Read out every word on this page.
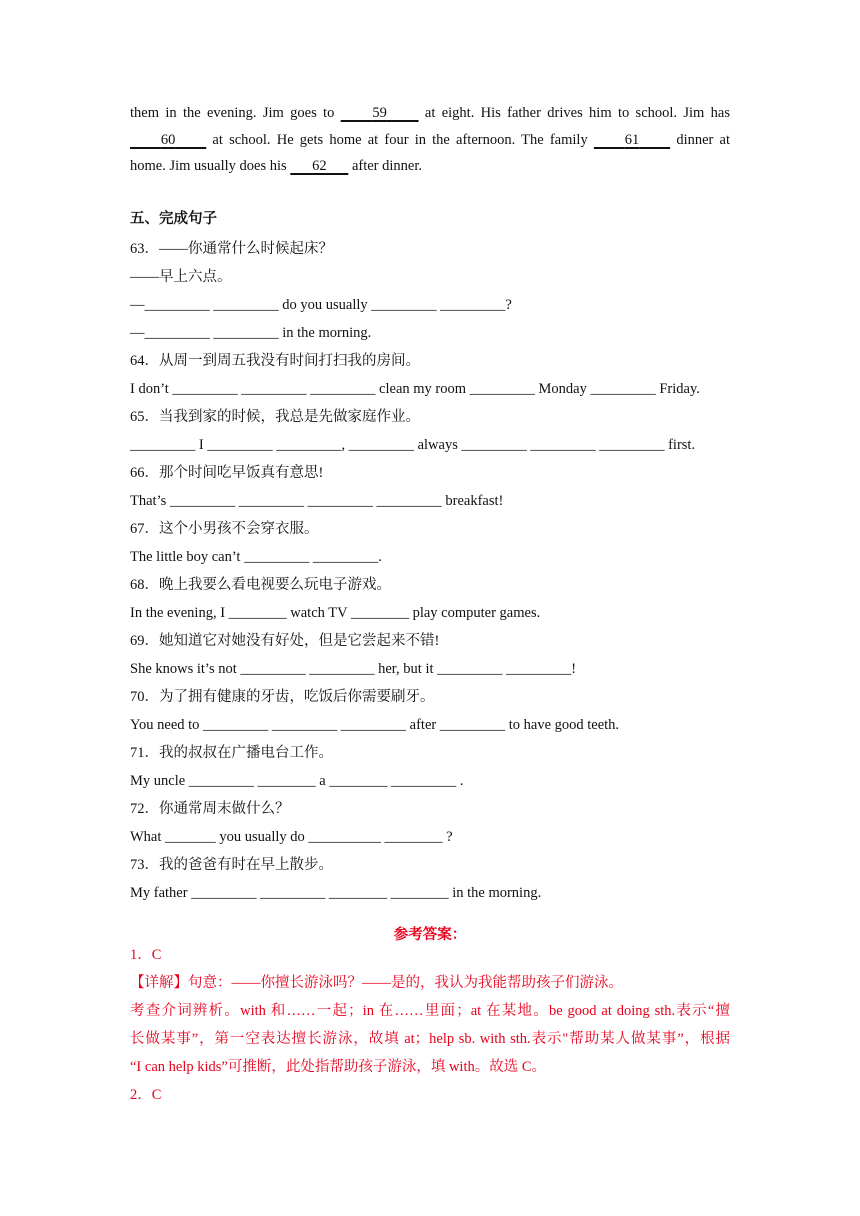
them in the evening. Jim goes to      59      at eight. His father drives him to school. Jim has
60      at school. He gets home at four in the afternoon. The family      61      dinner at
home. Jim usually does his       62       after dinner.
五、完成句子
63．——你通常什么时候起床？
——早上六点。
—_________ _________ do you usually _________ _________?
—_________ _________ in the morning.
64．从周一到周五我没有时间打扫我的房间。
I don’t _________ _________ _________ clean my room _________ Monday _________ Friday.
65．当我到家的时候，我总是先做家庭作业。
_________ I _________ _________, _________ always _________ _________ _________ first.
66．那个时间吃早饭真有意思!
That’s _________ _________ _________ _________ breakfast!
67．这个小男孩不会穿衣服。
The little boy can’t _________ _________.
68．晚上我要么看电视要么玩电子游戏。
In the evening, I ________ watch TV ________ play computer games.
69．她知道它对她没有好处，但是它尝起来不错!
She knows it’s not _________ _________ her, but it _________ _________!
70．为了拥有健康的牙齿，吃饭后你需要刷牙。
You need to _________ _________ _________ after _________ to have good teeth.
71．我的叔叔在广播电台工作。
My uncle _________ ________ a ________ _________ .
72．你通常周末做什么？
What _______ you usually do __________ ________ ?
73．我的爸爸有时在早上散步。
My father _________ _________ ________ ________ in the morning.
参考答案：
1．C
【详解】句意：——你擅长游泳吗？——是的，我认为我能帮助孩子们游泳。
考查介词辨析。with 和……一起；in 在……里面；at 在某地。be good at doing sth.表示“擅
长做某事”，第一空表达擅长游泳，故填 at；help sb. with sth.表示"帮助某人做某事”，根据
“I can help kids”可推断，此处指帮助孩子游泳，填 with。故选 C。
2．C
